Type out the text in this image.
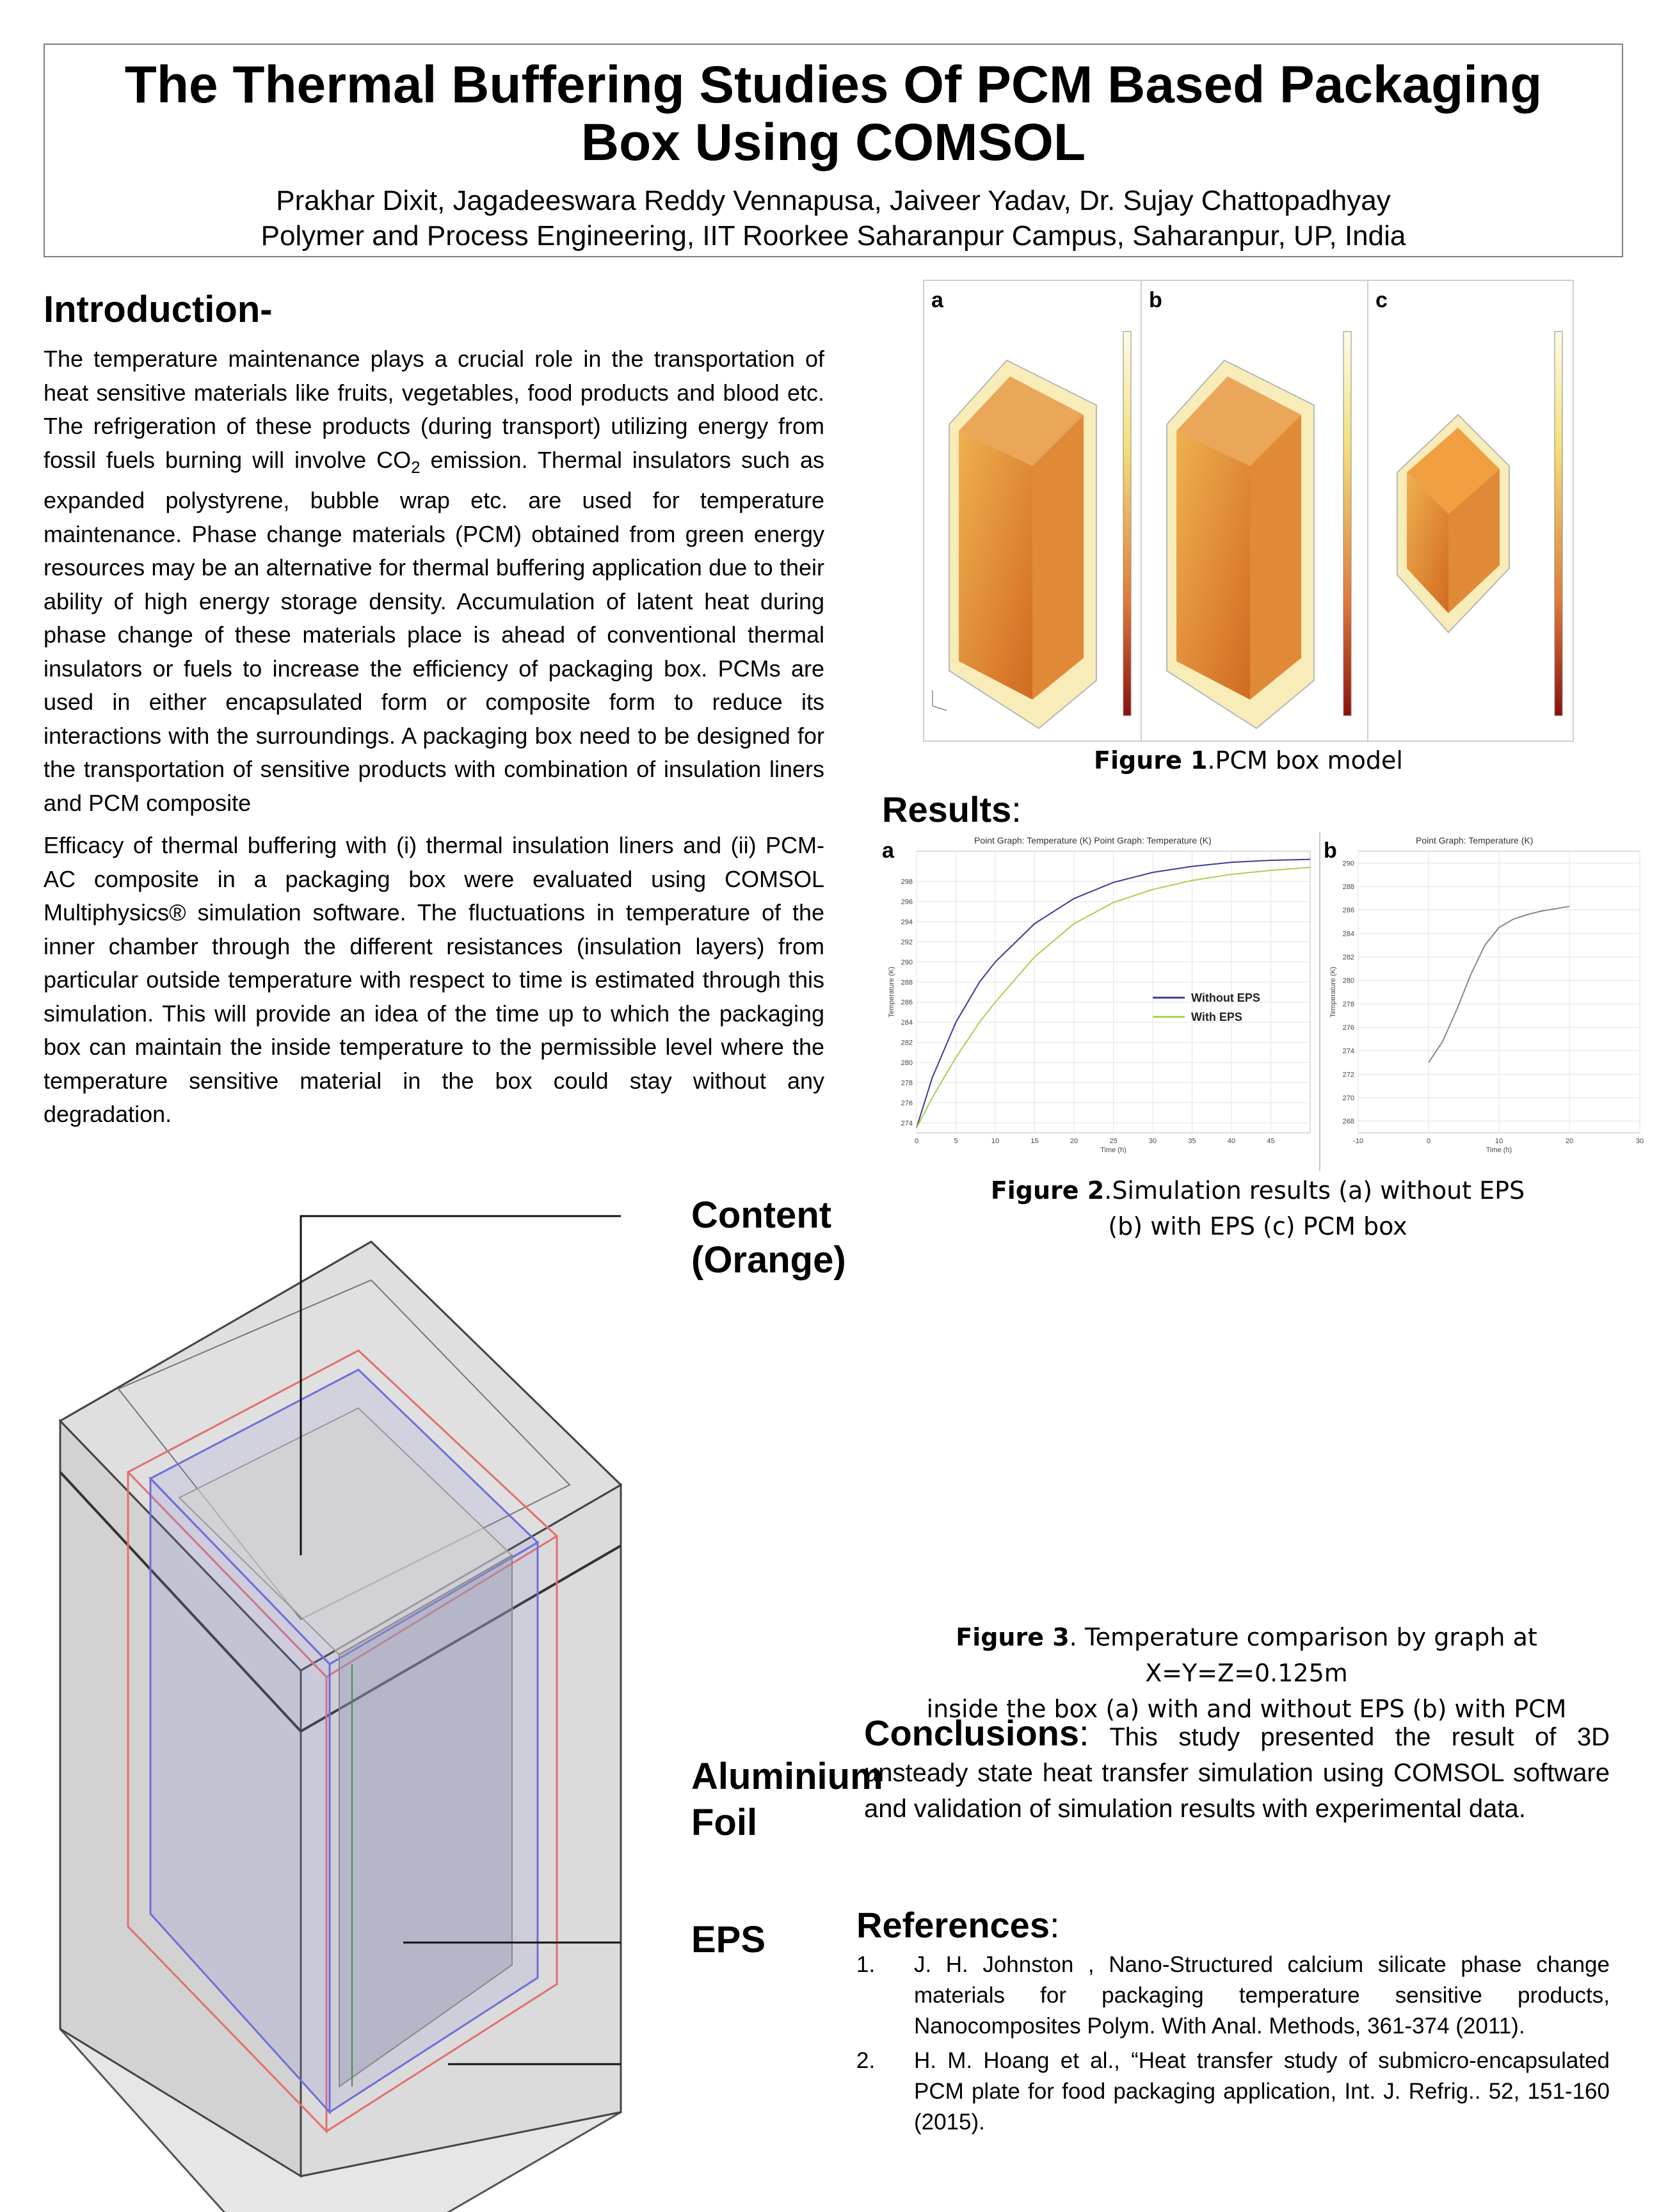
The Thermal Buffering Studies Of PCM Based Packaging Box Using COMSOL
Prakhar Dixit, Jagadeeswara Reddy Vennapusa, Jaiveer Yadav, Dr. Sujay Chattopadhyay
Polymer and Process Engineering, IIT Roorkee Saharanpur Campus, Saharanpur, UP, India
Introduction-

The temperature maintenance plays a crucial role in the transportation of heat sensitive materials like fruits, vegetables, food products and blood etc. The refrigeration of these products (during transport) utilizing energy from fossil fuels burning will involve $CO_2$ emission. Thermal insulators such as expanded polystyrene, bubble wrap etc. are used for temperature maintenance. Phase change materials (PCM) obtained from green energy resources may be an alternative for thermal buffering application due to their ability of high energy storage density. Accumulation of latent heat during phase change of these materials place is ahead of conventional thermal insulators or fuels to increase the efficiency of packaging box. PCMs are used in either encapsulated form or composite form to reduce its interactions with the surroundings. A packaging box need to be designed for the transportation of sensitive products with combination of insulation liners and PCM composite

Efficacy of thermal buffering with (i) thermal insulation liners and (ii) PCM-AC composite in a packaging box were evaluated using COMSOL Multiphysics® simulation software. The fluctuations in temperature of the inner chamber through the different resistances (insulation layers) from particular outside temperature with respect to time is estimated through this simulation. This will provide an idea of the time up to which the packaging box can maintain the inside temperature to the permissible level where the temperature sensitive material in the box could stay without any degradation.

a	b	c
Figure 1.PCM box model
Results:
a	b
Point Graph: Temperature (K) Point Graph: Temperature (K)	Point Graph: Temperature (K)
274
276
278
280
282
284
286
288
290
292
294
296
298
0	5	10	15	20	25	30	35	40	45
Time (h)
Temperature (K)	Without EPS
With EPS
268
270
272
274
276
278
280
282
284
286
288
290
-10	0	10	20	30
Time (h)
Temperature (K)
Figure 2.Simulation results (a) without EPS
(b) with EPS (c) PCM box
Content
(Orange)
Aluminium
Foil
EPS
Figure 3. Temperature comparison by graph at X=Y=Z=0.125m
inside the box (a) with and without EPS (b) with PCM

Conclusions: This study presented the result of 3D unsteady state heat transfer simulation using COMSOL software and validation of simulation results with experimental data.

References:
1. J. H. Johnston , Nano-Structured calcium silicate phase change materials for packaging temperature sensitive products, Nanocomposites Polym. With Anal. Methods, 361-374 (2011).
2. H. M. Hoang et al., “Heat transfer study of submicro-encapsulated PCM plate for food packaging application, Int. J. Refrig.. 52, 151-160 (2015).
